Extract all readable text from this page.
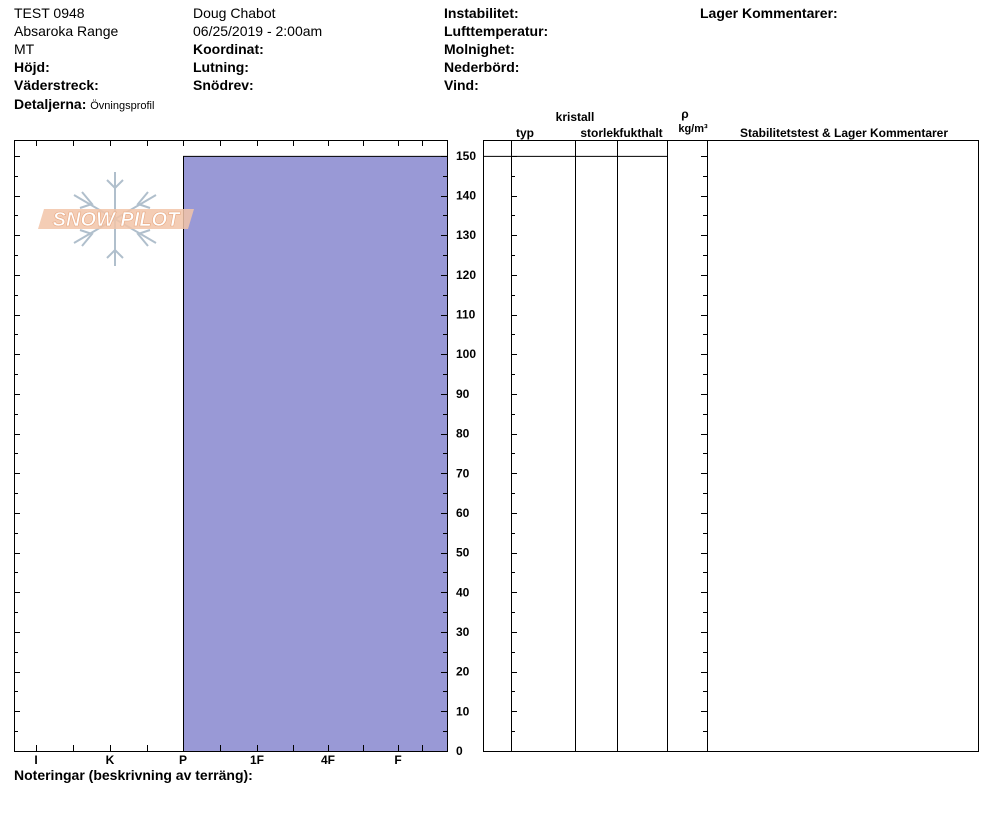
TEST 0948
Absaroka Range
MT
Höjd:
Väderstreck:
Detaljerna: Övningsprofil
Doug Chabot
06/25/2019 - 2:00am
Koordinat:
Lutning:
Snödrev:
Instabilitet:
Lufttemperatur:
Molnighet:
Nederbörd:
Vind:
Lager Kommentarer:
kristall
typ	storlek fukthalt
ρ
kg/m³	Stabilitetstest & Lager Kommentarer
SNOW PILOT
0
10
20
30
40
50
60
70
80
90
100
110
120
130
140
150
I	K	P	1F	4F	F
Noteringar (beskrivning av terräng):
